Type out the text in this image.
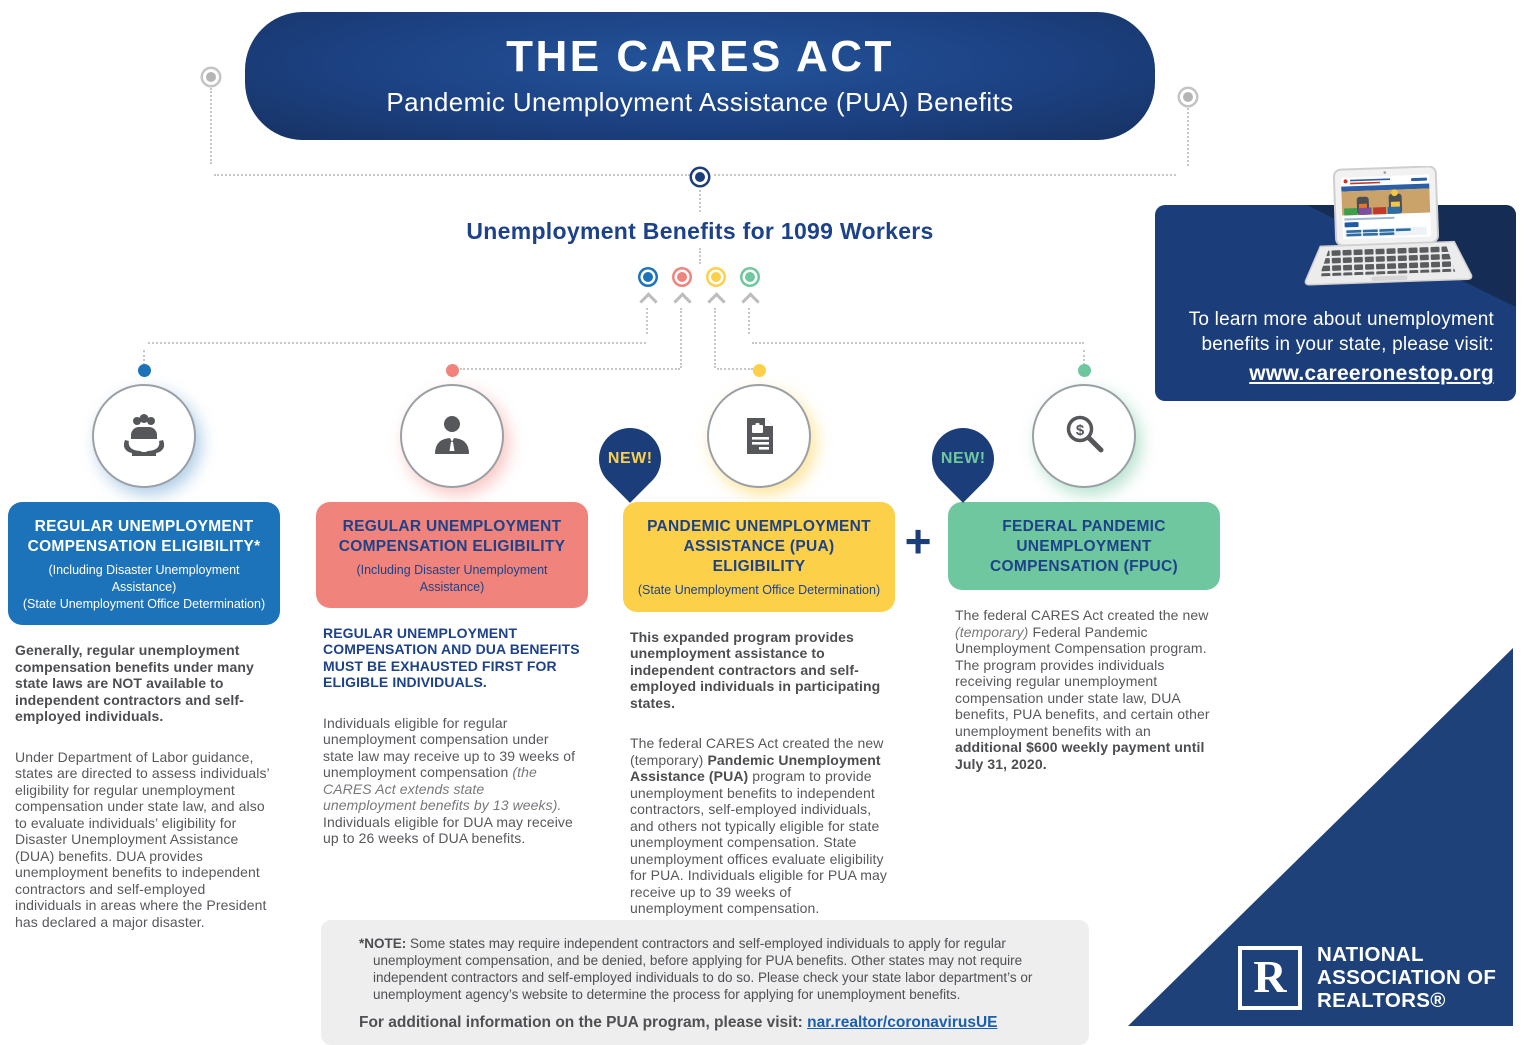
THE CARES ACT
Pandemic Unemployment Assistance (PUA) Benefits
Unemployment Benefits for 1099 Workers
REGULAR UNEMPLOYMENT COMPENSATION ELIGIBILITY*
(Including Disaster Unemployment Assistance)
(State Unemployment Office Determination)

Generally, regular unemployment compensation benefits under many state laws are NOT available to independent contractors and self-employed individuals.

Under Department of Labor guidance, states are directed to assess individuals’ eligibility for regular unemployment compensation under state law, and also to evaluate individuals’ eligibility for Disaster Unemployment Assistance (DUA) benefits. DUA provides unemployment benefits to independent contractors and self-employed individuals in areas where the President has declared a major disaster.

REGULAR UNEMPLOYMENT COMPENSATION ELIGIBILITY
(Including Disaster Unemployment Assistance)

REGULAR UNEMPLOYMENT COMPENSATION AND DUA BENEFITS MUST BE EXHAUSTED FIRST FOR ELIGIBLE INDIVIDUALS.

Individuals eligible for regular unemployment compensation under state law may receive up to 39 weeks of unemployment compensation (the CARES Act extends state unemployment benefits by 13 weeks). Individuals eligible for DUA may receive up to 26 weeks of DUA benefits.

NEW!
PANDEMIC UNEMPLOYMENT ASSISTANCE (PUA) ELIGIBILITY
(State Unemployment Office Determination)

This expanded program provides unemployment assistance to independent contractors and self-employed individuals in participating states.

The federal CARES Act created the new (temporary) Pandemic Unemployment Assistance (PUA) program to provide unemployment benefits to independent contractors, self-employed individuals, and others not typically eligible for state unemployment compensation. State unemployment offices evaluate eligibility for PUA. Individuals eligible for PUA may receive up to 39 weeks of unemployment compensation.

+
$
NEW!
FEDERAL PANDEMIC UNEMPLOYMENT COMPENSATION (FPUC)

The federal CARES Act created the new (temporary) Federal Pandemic Unemployment Compensation program. The program provides individuals receiving regular unemployment compensation under state law, DUA benefits, PUA benefits, and certain other unemployment benefits with an additional $600 weekly payment until July 31, 2020.

To learn more about unemployment
benefits in your state, please visit:
www.careeronestop.org
*NOTE: Some states may require independent contractors and self-employed individuals to apply for regular unemployment compensation, and be denied, before applying for PUA benefits. Other states may not require independent contractors and self-employed individuals to do so. Please check your state labor department’s or unemployment agency’s website to determine the process for applying for unemployment benefits.
For additional information on the PUA program, please visit: nar.realtor/coronavirusUE
R NATIONAL
ASSOCIATION OF
REALTORS®
